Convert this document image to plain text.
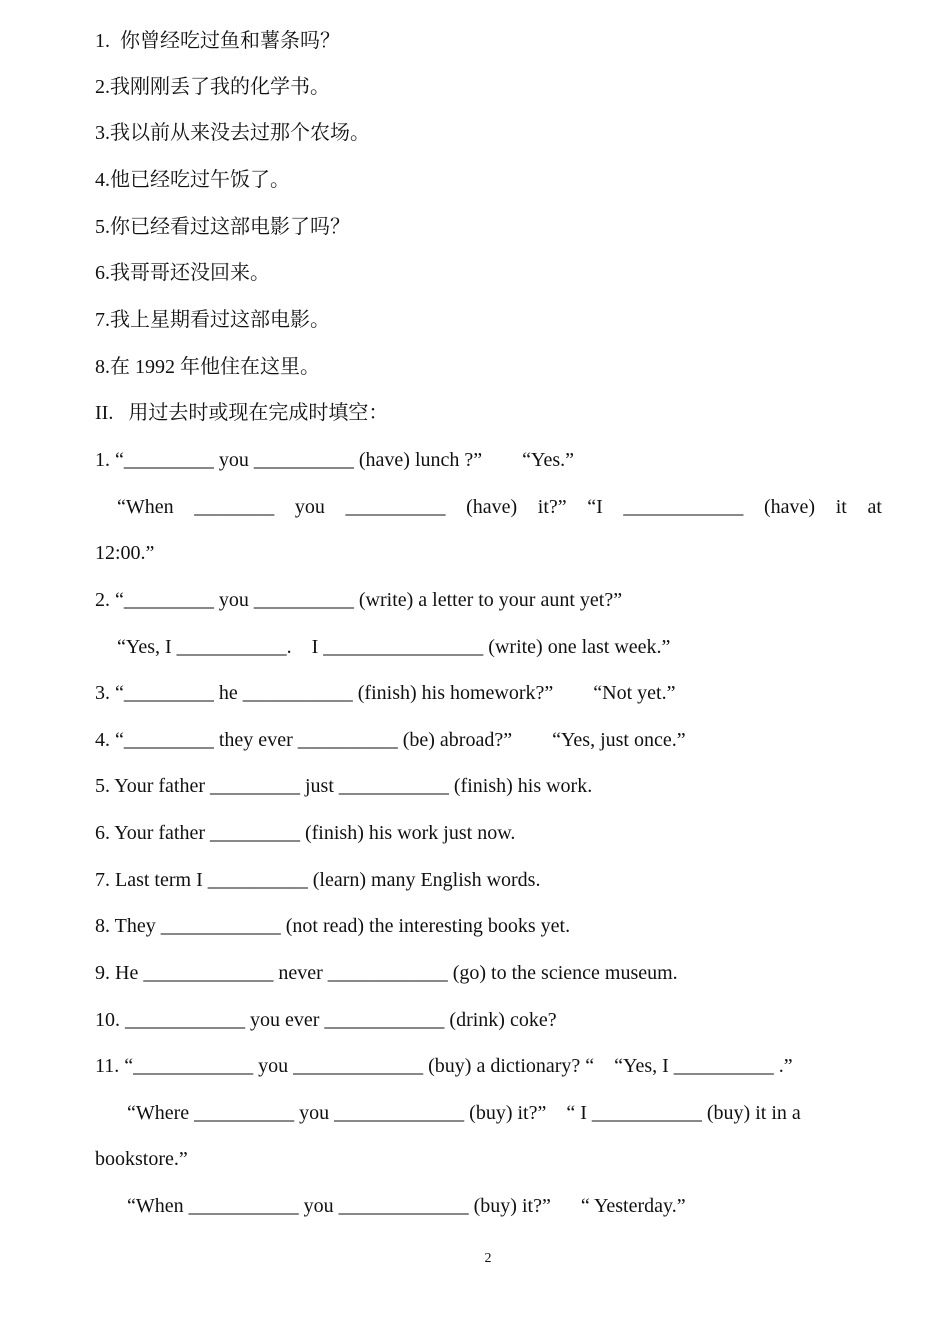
1.  你曾经吃过鱼和薯条吗？
2.我刚刚丢了我的化学书。
3.我以前从来没去过那个农场。
4.他已经吃过午饭了。
5.你已经看过这部电影了吗？
6.我哥哥还没回来。
7.我上星期看过这部电影。
8.在 1992 年他住在这里。
II.   用过去时或现在完成时填空：
1. “_________ you __________ (have) lunch ?”        “Yes.”
“When ________ you __________ (have) it?” “I ____________ (have) it at
12:00.”
2. “_________ you __________ (write) a letter to your aunt yet?”
“Yes, I ___________.    I ________________ (write) one last week.”
3. “_________ he ___________ (finish) his homework?”        “Not yet.”
4. “_________ they ever __________ (be) abroad?”        “Yes, just once.”
5. Your father _________ just ___________ (finish) his work.
6. Your father _________ (finish) his work just now.
7. Last term I __________ (learn) many English words.
8. They ____________ (not read) the interesting books yet.
9. He _____________ never ____________ (go) to the science museum.
10. ____________ you ever ____________ (drink) coke?
11. “____________ you _____________ (buy) a dictionary? “    “Yes, I __________ .”
“Where __________ you _____________ (buy) it?”    “ I ___________ (buy) it in a
bookstore.”
“When ___________ you _____________ (buy) it?”      “ Yesterday.”
2
